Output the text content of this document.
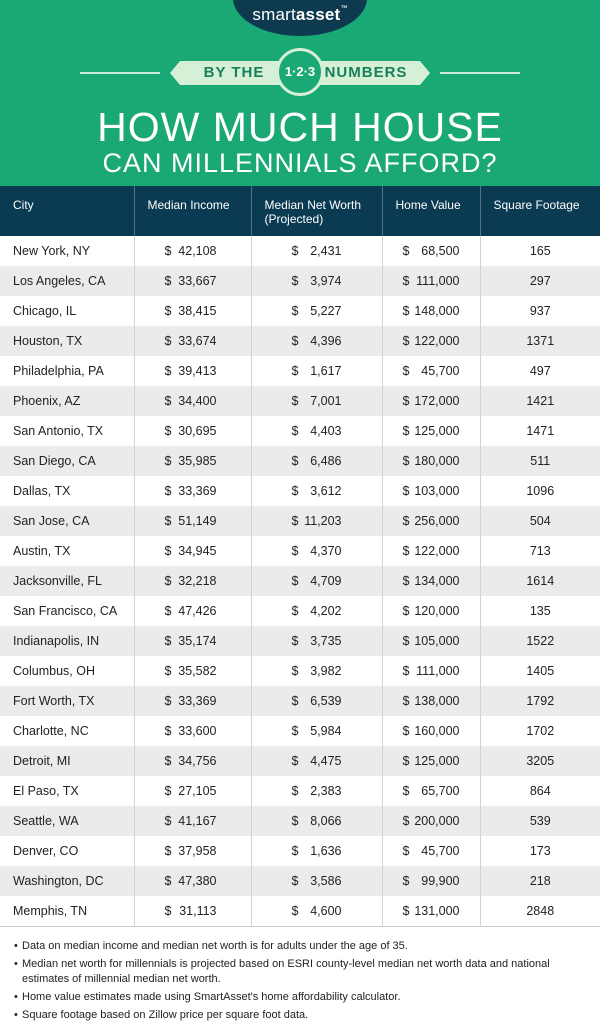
BY THE	NUMBERS
1·2·3
HOW MUCH HOUSE
CAN MILLENNIALS AFFORD?
smartasset™
City	Median Income	Median Net Worth (Projected)	Home Value	Square Footage
New York, NY	$ 42,108	$ 2,431	$ 68,500	165
Los Angeles, CA	$ 33,667	$ 3,974	$ 111,000	297
Chicago, IL	$ 38,415	$ 5,227	$ 148,000	937
Houston, TX	$ 33,674	$ 4,396	$ 122,000	1371
Philadelphia, PA	$ 39,413	$ 1,617	$ 45,700	497
Phoenix, AZ	$ 34,400	$ 7,001	$ 172,000	1421
San Antonio, TX	$ 30,695	$ 4,403	$ 125,000	1471
San Diego, CA	$ 35,985	$ 6,486	$ 180,000	511
Dallas, TX	$ 33,369	$ 3,612	$ 103,000	1096
San Jose, CA	$ 51,149	$ 11,203	$ 256,000	504
Austin, TX	$ 34,945	$ 4,370	$ 122,000	713
Jacksonville, FL	$ 32,218	$ 4,709	$ 134,000	1614
San Francisco, CA	$ 47,426	$ 4,202	$ 120,000	135
Indianapolis, IN	$ 35,174	$ 3,735	$ 105,000	1522
Columbus, OH	$ 35,582	$ 3,982	$ 111,000	1405
Fort Worth, TX	$ 33,369	$ 6,539	$ 138,000	1792
Charlotte, NC	$ 33,600	$ 5,984	$ 160,000	1702
Detroit, MI	$ 34,756	$ 4,475	$ 125,000	3205
El Paso, TX	$ 27,105	$ 2,383	$ 65,700	864
Seattle, WA	$ 41,167	$ 8,066	$ 200,000	539
Denver, CO	$ 37,958	$ 1,636	$ 45,700	173
Washington, DC	$ 47,380	$ 3,586	$ 99,900	218
Memphis, TN	$ 31,113	$ 4,600	$ 131,000	2848
• Data on median income and median net worth is for adults under the age of 35.
• Median net worth for millennials is projected based on ESRI county-level median net worth data and national estimates of millennial median net worth.
• Home value estimates made using SmartAsset's home affordability calculator.
• Square footage based on Zillow price per square foot data.
